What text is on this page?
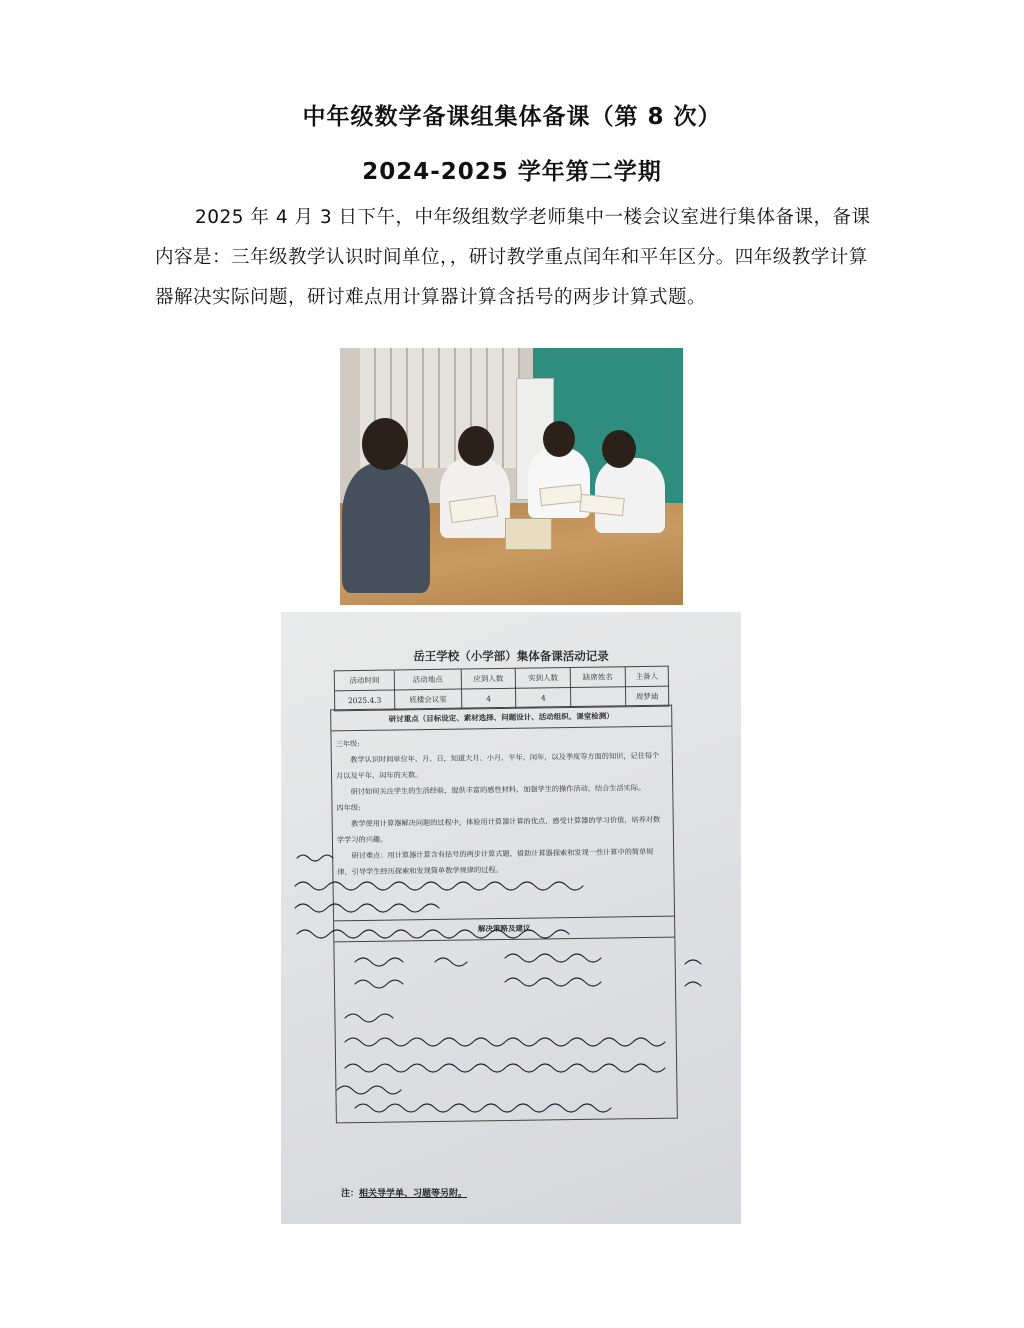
中年级数学备课组集体备课（第 8 次）
2024-2025 学年第二学期
2025 年 4 月 3 日下午，中年级组数学老师集中一楼会议室进行集体备课，备课内容是：三年级教学认识时间单位，，研讨教学重点闰年和平年区分。四年级教学计算器解决实际问题，研讨难点用计算器计算含括号的两步计算式题。
岳王学校（小学部）集体备课活动记录
活动时间	活动地点	应到人数	实到人数	缺席姓名	主备人
2025.4.3	底楼会议室	4	4		周梦迪
研讨重点（目标设定、素材选择、问题设计、活动组织、课堂检测）

三年级:

教学认识时间单位年、月、日，知道大月、小月，平年、闰年，以及季度等方面的知识，记住每个月以及平年、闰年的天数。

研讨如何关注学生的生活经验，提供丰富的感性材料，加强学生的操作活动，结合生活实际。

四年级:

教学使用计算器解决问题的过程中，体验用计算器计算的优点，感受计算器的学习价值，培养对数学学习的兴趣。

研讨难点：用计算器计算含有括号的两步计算式题，借助计算器探索和发现一些计算中的简单规律，引导学生经历探索和发现简单数学规律的过程。

解决策略及建议
注：相关导学单、习题等另附。
